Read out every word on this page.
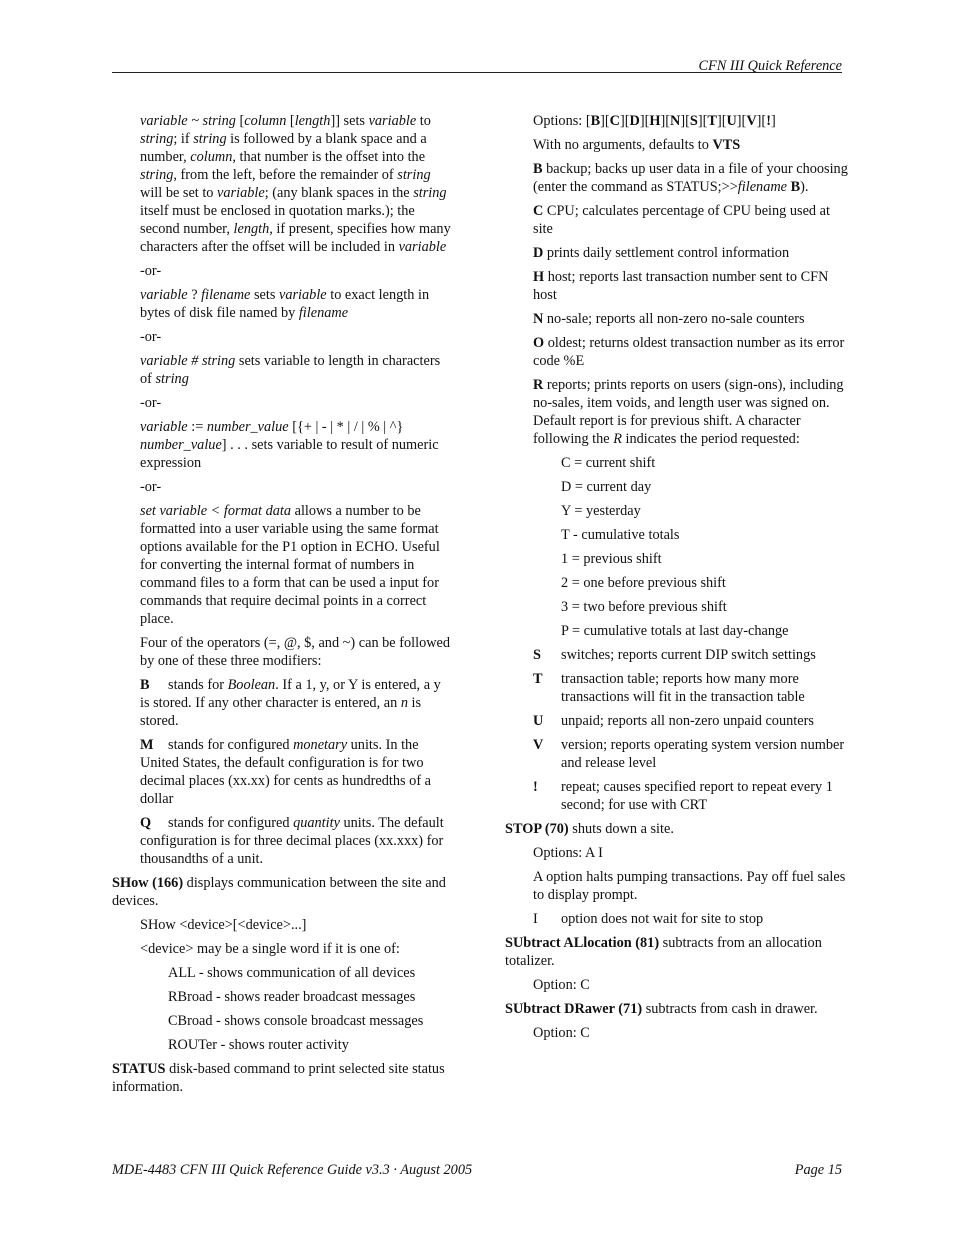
CFN III Quick Reference

variable ~ string [column [length]] sets variable to string; if string is followed by a blank space and a number, column, that number is the offset into the string, from the left, before the remainder of string will be set to variable; (any blank spaces in the string itself must be enclosed in quotation marks.); the second number, length, if present, specifies how many characters after the offset will be included in variable

-or-

variable ? filename sets variable to exact length in bytes of disk file named by filename

-or-

variable # string sets variable to length in characters of string

-or-

variable := number_value [{+ | - | * | / | % | ^} number_value] . . . sets variable to result of numeric expression

-or-

set variable < format data allows a number to be formatted into a user variable using the same format options available for the P1 option in ECHO. Useful for converting the internal format of numbers in command files to a form that can be used a input for commands that require decimal points in a correct place.

Four of the operators (=, @, $, and ~) can be followed by one of these three modifiers:

B stands for Boolean. If a 1, y, or Y is entered, a y is stored. If any other character is entered, an n is stored.

M stands for configured monetary units. In the United States, the default configuration is for two decimal places (xx.xx) for cents as hundredths of a dollar

Q stands for configured quantity units. The default configuration is for three decimal places (xx.xxx) for thousandths of a unit.

SHow (166) displays communication between the site and devices.

SHow <device>[<device>...]

<device> may be a single word if it is one of:

ALL - shows communication of all devices

RBroad - shows reader broadcast messages

CBroad - shows console broadcast messages

ROUTer - shows router activity

STATUS disk-based command to print selected site status information.

Options: [B][C][D][H][N][S][T][U][V][!]

With no arguments, defaults to VTS

B backup; backs up user data in a file of your choosing (enter the command as STATUS;>>filename B).

C CPU; calculates percentage of CPU being used at site

D prints daily settlement control information

H host; reports last transaction number sent to CFN host

N no-sale; reports all non-zero no-sale counters

O oldest; returns oldest transaction number as its error code %E

R reports; prints reports on users (sign-ons), including no-sales, item voids, and length user was signed on. Default report is for previous shift. A character following the R indicates the period requested:

C = current shift

D = current day

Y = yesterday

T - cumulative totals

1 = previous shift

2 = one before previous shift

3 = two before previous shift

P = cumulative totals at last day-change

S	switches; reports current DIP switch settings
T	transaction table; reports how many more transactions will fit in the transaction table
U	unpaid; reports all non-zero unpaid counters
V	version; reports operating system version number and release level
!	repeat; causes specified report to repeat every 1 second; for use with CRT

STOP (70) shuts down a site.

Options: A I

A option halts pumping transactions. Pay off fuel sales to display prompt.

I	option does not wait for site to stop

SUbtract ALlocation (81) subtracts from an allocation totalizer.

Option: C

SUbtract DRawer (71) subtracts from cash in drawer.

Option: C

MDE-4483 CFN III Quick Reference Guide v3.3 · August 2005	Page 15
